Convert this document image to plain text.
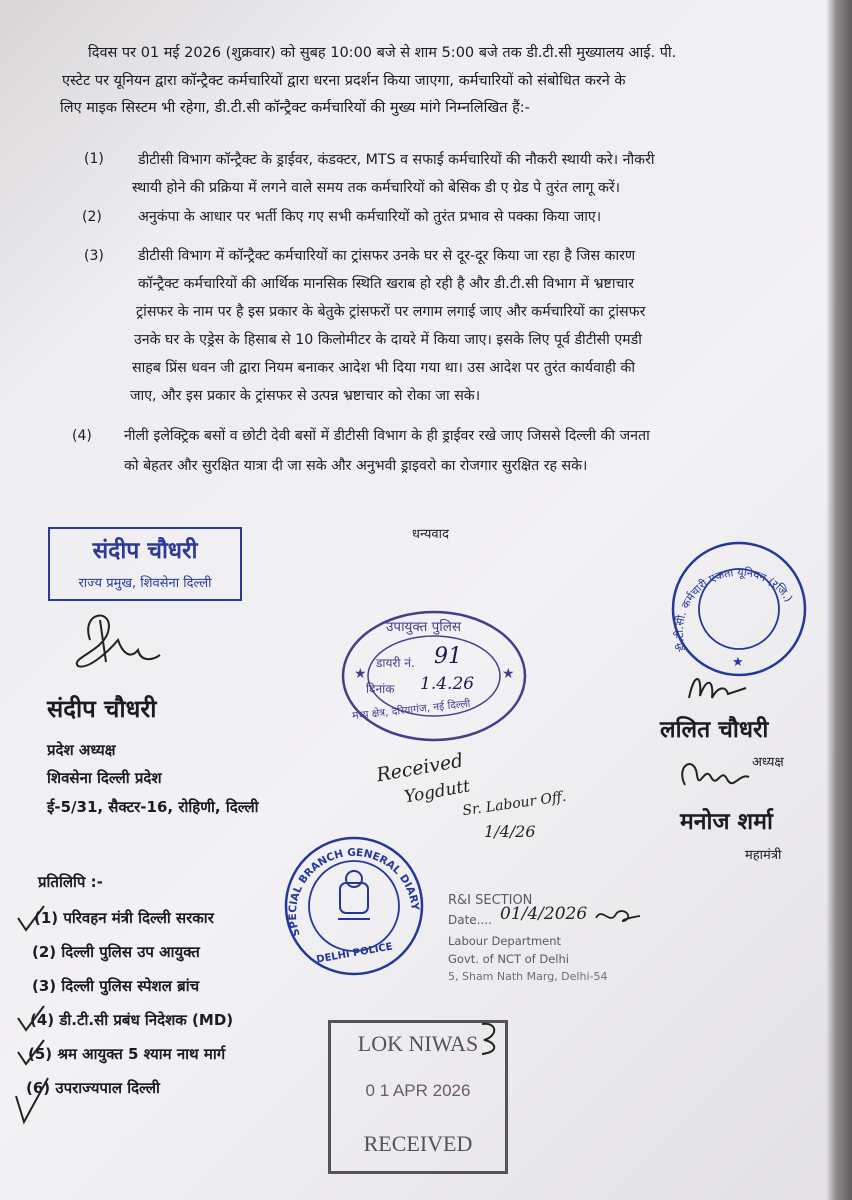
दिवस पर 01 मई 2026 (शुक्रवार) को सुबह 10:00 बजे से शाम 5:00 बजे तक डी.टी.सी मुख्यालय आई. पी.
एस्टेट पर यूनियन द्वारा कॉन्ट्रैक्ट कर्मचारियों द्वारा धरना प्रदर्शन किया जाएगा, कर्मचारियों को संबोधित करने के
लिए माइक सिस्टम भी रहेगा, डी.टी.सी कॉन्ट्रैक्ट कर्मचारियों की मुख्य मांगे निम्नलिखित हैं:-
(1) डीटीसी विभाग कॉन्ट्रैक्ट के ड्राईवर, कंडक्टर, MTS व सफाई कर्मचारियों की नौकरी स्थायी करे। नौकरी
स्थायी होने की प्रक्रिया में लगने वाले समय तक कर्मचारियों को बेसिक डी ए ग्रेड पे तुरंत लागू करें।
(2)	अनुकंपा के आधार पर भर्ती किए गए सभी कर्मचारियों को तुरंत प्रभाव से पक्का किया जाए।
(3) डीटीसी विभाग में कॉन्ट्रैक्ट कर्मचारियों का ट्रांसफर उनके घर से दूर-दूर किया जा रहा है जिस कारण
कॉन्ट्रैक्ट कर्मचारियों की आर्थिक मानसिक स्थिति खराब हो रही है और डी.टी.सी विभाग में भ्रष्टाचार
ट्रांसफर के नाम पर है इस प्रकार के बेतुके ट्रांसफरों पर लगाम लगाई जाए और कर्मचारियों का ट्रांसफर
उनके घर के एड्रेस के हिसाब से 10 किलोमीटर के दायरे में किया जाए। इसके लिए पूर्व डीटीसी एमडी
साहब प्रिंस धवन जी द्वारा नियम बनाकर आदेश भी दिया गया था। उस आदेश पर तुरंत कार्यवाही की
जाए, और इस प्रकार के ट्रांसफर से उत्पन्न भ्रष्टाचार को रोका जा सके।
(4) नीली इलेक्ट्रिक बसों व छोटी देवी बसों में डीटीसी विभाग के ही ड्राईवर रखे जाए जिससे दिल्ली की जनता
को बेहतर और सुरक्षित यात्रा दी जा सके और अनुभवी ड्राइवरो का रोजगार सुरक्षित रह सके।
धन्यवाद
संदीप चौधरी
राज्य प्रमुख, शिवसेना दिल्ली
संदीप चौधरी
प्रदेश अध्यक्ष
शिवसेना दिल्ली प्रदेश
ई-5/31, सैक्टर-16, रोहिणी, दिल्ली
★	★
उपायुक्त पुलिस
डायरी नं. 91
दिनांक 1.4.26
मध्य क्षेत्र, दरियागंज, नई दिल्ली
Received
Yogdutt
Sr. Labour Off.
1/4/26
डी.टी.सी. कर्मचारी एकता यूनियन (रजि.)
★
ललित चौधरी
अध्यक्ष
मनोज शर्मा
महामंत्री
प्रतिलिपि :-
(1) परिवहन मंत्री दिल्ली सरकार
(2) दिल्ली पुलिस उप आयुक्त
(3) दिल्ली पुलिस स्पेशल ब्रांच
(4) डी.टी.सी प्रबंध निदेशक (MD)
(5) श्रम आयुक्त 5 श्याम नाथ मार्ग
(6) उपराज्यपाल दिल्ली
SPECIAL BRANCH GENERAL DIARY
DELHI POLICE
R&I SECTION
Date.... 01/4/2026
Labour Department
Govt. of NCT of Delhi
5, Sham Nath Marg, Delhi-54
LOK NIWAS
0 1 APR 2026
RECEIVED
